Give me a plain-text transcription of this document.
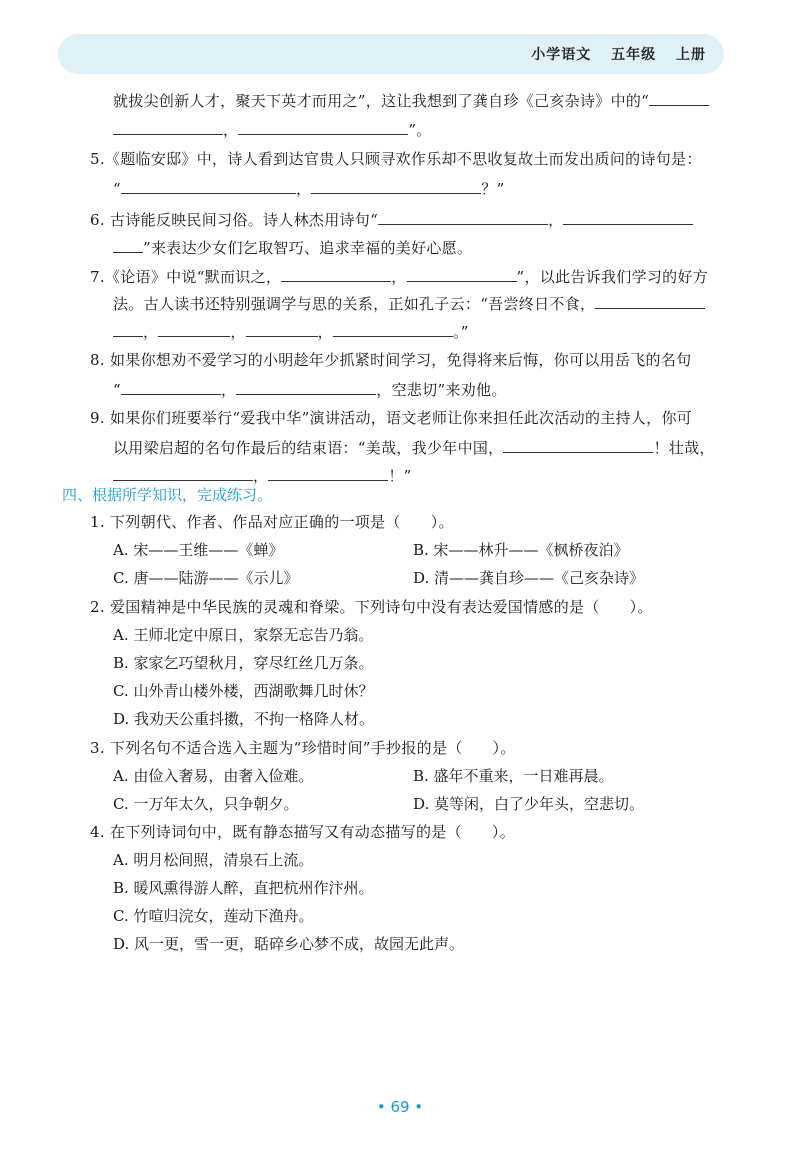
小学语文 五年级 上册
就拔尖创新人才，聚天下英才而用之”，这让我想到了龚自珍《己亥杂诗》中的“
，	”。
5.《题临安邸》中，诗人看到达官贵人只顾寻欢作乐却不思收复故土而发出质问的诗句是：
“	，	？”
6. 古诗能反映民间习俗。诗人林杰用诗句“	，
”来表达少女们乞取智巧、追求幸福的美好心愿。
7.《论语》中说“默而识之，	，	”，以此告诉我们学习的好方
法。古人读书还特别强调学与思的关系，正如孔子云：“吾尝终日不食，
，	，	，	。”
8. 如果你想劝不爱学习的小明趁年少抓紧时间学习，免得将来后悔，你可以用岳飞的名句
“	，	，空悲切”来劝他。
9. 如果你们班要举行“爱我中华”演讲活动，语文老师让你来担任此次活动的主持人，你可
以用梁启超的名句作最后的结束语：“美哉，我少年中国，	！壮哉，
，	！”
四、根据所学知识，完成练习。
1. 下列朝代、作者、作品对应正确的一项是（ ）。
A. 宋——王维——《蝉》	B. 宋——林升——《枫桥夜泊》
C. 唐——陆游——《示儿》	D. 清——龚自珍——《己亥杂诗》
2. 爱国精神是中华民族的灵魂和脊梁。下列诗句中没有表达爱国情感的是（ ）。
A. 王师北定中原日，家祭无忘告乃翁。
B. 家家乞巧望秋月，穿尽红丝几万条。
C. 山外青山楼外楼，西湖歌舞几时休？
D. 我劝天公重抖擞，不拘一格降人材。
3. 下列名句不适合选入主题为“珍惜时间”手抄报的是（ ）。
A. 由俭入奢易，由奢入俭难。	B. 盛年不重来，一日难再晨。
C. 一万年太久，只争朝夕。	D. 莫等闲，白了少年头，空悲切。
4. 在下列诗词句中，既有静态描写又有动态描写的是（ ）。
A. 明月松间照，清泉石上流。
B. 暖风熏得游人醉，直把杭州作汴州。
C. 竹喧归浣女，莲动下渔舟。
D. 风一更，雪一更，聒碎乡心梦不成，故园无此声。
• 69 •
